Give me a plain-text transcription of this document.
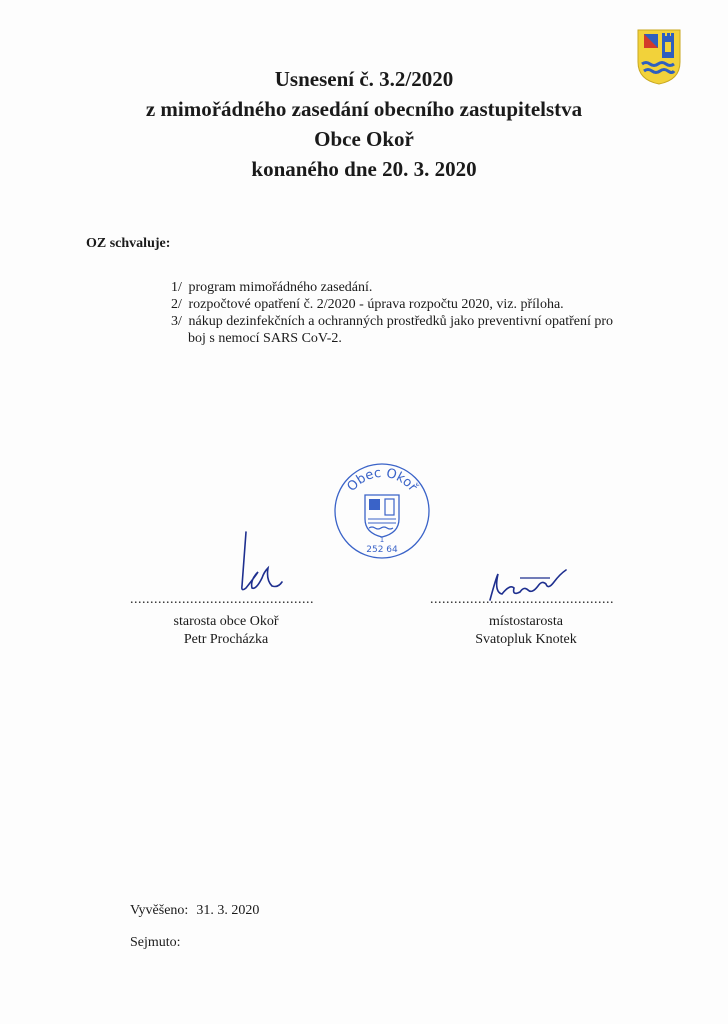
Usnesení č. 3.2/2020
z mimořádného zasedání obecního zastupitelstva
Obce Okoř
konaného dne 20. 3. 2020
OZ schvaluje:
1/
program mimořádného zasedání.
2/
rozpočtové opatření č. 2/2020 - úprava rozpočtu 2020, viz. příloha.
3/
nákup dezinfekčních a ochranných prostředků jako preventivní opatření pro
boj s nemocí SARS CoV-2.
Obec Okoř
1
252 64
..............................................	..............................................
starosta obce Okoř
Petr Procházka
místostarosta
Svatopluk Knotek
Vyvěšeno: 31. 3. 2020
Sejmuto:
